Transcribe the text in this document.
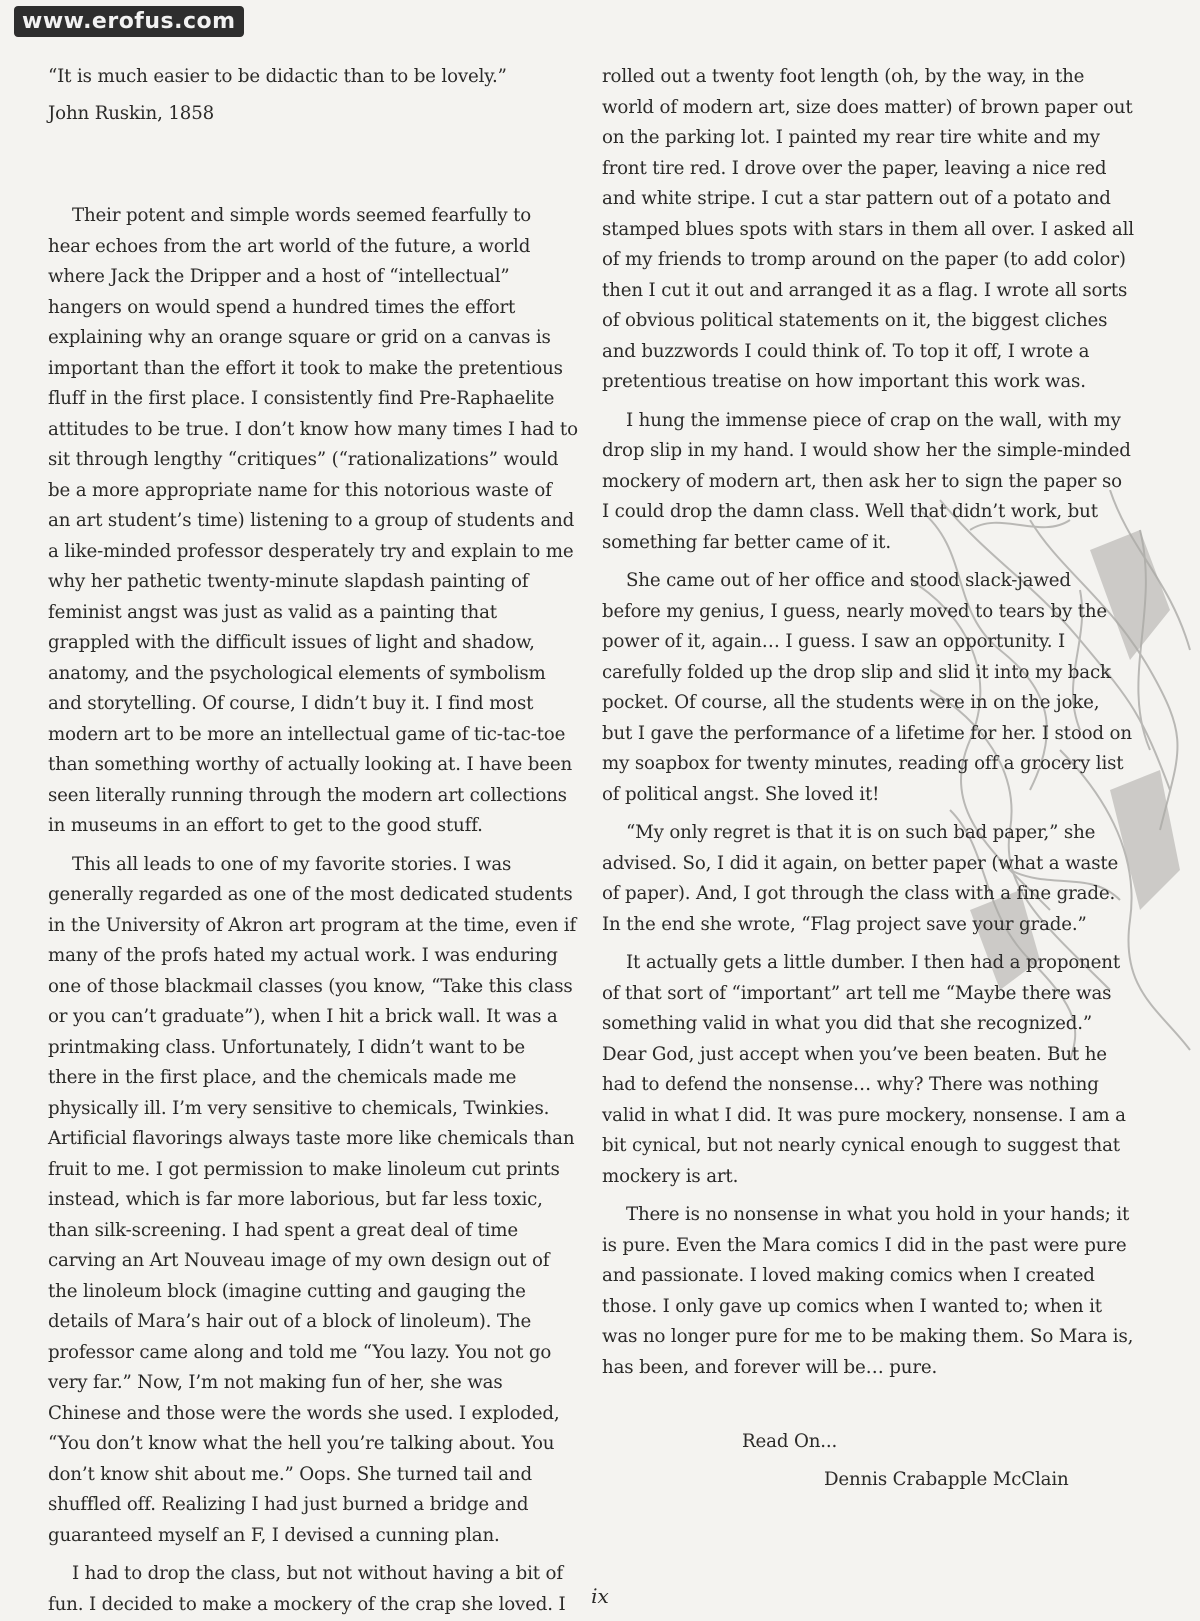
www.erofus.com

“It is much easier to be didactic than to be lovely.”

John Ruskin, 1858

Their potent and simple words seemed fearfully to hear echoes from the art world of the future, a world where Jack the Dripper and a host of “intellectual” hangers on would spend a hundred times the effort explaining why an orange square or grid on a canvas is important than the effort it took to make the pretentious fluff in the first place. I consistently find Pre-Raphaelite attitudes to be true. I don’t know how many times I had to sit through lengthy “critiques” (“rationalizations” would be a more appropriate name for this notorious waste of an art student’s time) listening to a group of students and a like-minded professor desperately try and explain to me why her pathetic twenty-minute slapdash painting of feminist angst was just as valid as a painting that grappled with the difficult issues of light and shadow, anatomy, and the psychological elements of symbolism and storytelling. Of course, I didn’t buy it. I find most modern art to be more an intellectual game of tic-tac-toe than something worthy of actually looking at. I have been seen literally running through the modern art collections in museums in an effort to get to the good stuff.

This all leads to one of my favorite stories. I was generally regarded as one of the most dedicated students in the University of Akron art program at the time, even if many of the profs hated my actual work. I was enduring one of those blackmail classes (you know, “Take this class or you can’t graduate”), when I hit a brick wall. It was a printmaking class. Unfortunately, I didn’t want to be there in the first place, and the chemicals made me physically ill. I’m very sensitive to chemicals, Twinkies. Artificial flavorings always taste more like chemicals than fruit to me. I got permission to make linoleum cut prints instead, which is far more laborious, but far less toxic, than silk-screening. I had spent a great deal of time carving an Art Nouveau image of my own design out of the linoleum block (imagine cutting and gauging the details of Mara’s hair out of a block of linoleum). The professor came along and told me “You lazy. You not go very far.” Now, I’m not making fun of her, she was Chinese and those were the words she used. I exploded, “You don’t know what the hell you’re talking about. You don’t know shit about me.” Oops. She turned tail and shuffled off. Realizing I had just burned a bridge and guaranteed myself an F, I devised a cunning plan.

I had to drop the class, but not without having a bit of fun. I decided to make a mockery of the crap she loved. I

rolled out a twenty foot length (oh, by the way, in the world of modern art, size does matter) of brown paper out on the parking lot. I painted my rear tire white and my front tire red. I drove over the paper, leaving a nice red and white stripe. I cut a star pattern out of a potato and stamped blues spots with stars in them all over. I asked all of my friends to tromp around on the paper (to add color) then I cut it out and arranged it as a flag. I wrote all sorts of obvious political statements on it, the biggest cliches and buzzwords I could think of. To top it off, I wrote a pretentious treatise on how important this work was.

I hung the immense piece of crap on the wall, with my drop slip in my hand. I would show her the simple-minded mockery of modern art, then ask her to sign the paper so I could drop the damn class. Well that didn’t work, but something far better came of it.

She came out of her office and stood slack-jawed before my genius, I guess, nearly moved to tears by the power of it, again… I guess. I saw an opportunity. I carefully folded up the drop slip and slid it into my back pocket. Of course, all the students were in on the joke, but I gave the performance of a lifetime for her. I stood on my soapbox for twenty minutes, reading off a grocery list of political angst. She loved it!

“My only regret is that it is on such bad paper,” she advised. So, I did it again, on better paper (what a waste of paper). And, I got through the class with a fine grade. In the end she wrote, “Flag project save your grade.”

It actually gets a little dumber. I then had a proponent of that sort of “important” art tell me “Maybe there was something valid in what you did that she recognized.” Dear God, just accept when you’ve been beaten. But he had to defend the nonsense… why? There was nothing valid in what I did. It was pure mockery, nonsense. I am a bit cynical, but not nearly cynical enough to suggest that mockery is art.

There is no nonsense in what you hold in your hands; it is pure. Even the Mara comics I did in the past were pure and passionate. I loved making comics when I created those. I only gave up comics when I wanted to; when it was no longer pure for me to be making them. So Mara is, has been, and forever will be… pure.

Read On...

Dennis Crabapple McClain

ix
